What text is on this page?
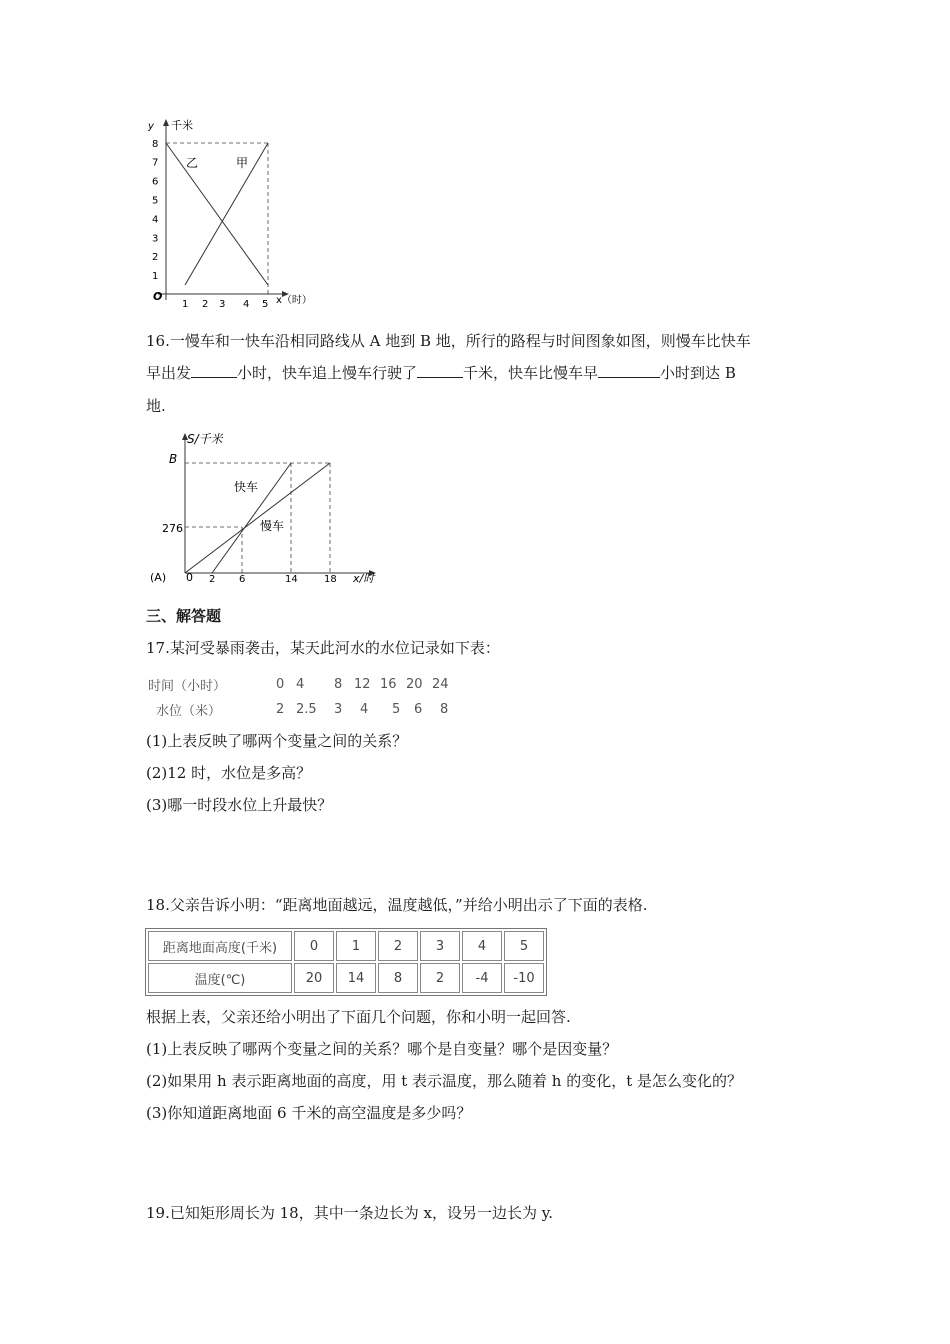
y 千米
x（时）
O
1
2
3
4
5
6
7
8
1 2 3 4 5
乙	甲
16.一慢车和一快车沿相同路线从 A 地到 B 地，所行的路程与时间图象如图，则慢车比快车
早出发	小时，快车追上慢车行驶了	千米，快车比慢车早	小时到达 B
地.
S/千米
x/时
B
276
(A) 0 2 6	14	18
快车
慢车
三、解答题
17.某河受暴雨袭击，某天此河水的水位记录如下表：
时间（小时）	0	4	8	12	16	20	24
水位（米）	2	2.5	3	4	5	6	8
(1)上表反映了哪两个变量之间的关系？
(2)12 时，水位是多高？
(3)哪一时段水位上升最快？
18.父亲告诉小明：“距离地面越远，温度越低，”并给小明出示了下面的表格.
距离地面高度(千米)	0	1	2	3	4	5
温度(℃)	20	14	8	2	-4	-10
根据上表，父亲还给小明出了下面几个问题，你和小明一起回答.
(1)上表反映了哪两个变量之间的关系？哪个是自变量？哪个是因变量？
(2)如果用 h 表示距离地面的高度，用 t 表示温度，那么随着 h 的变化，t 是怎么变化的？
(3)你知道距离地面 6 千米的高空温度是多少吗？
19.已知矩形周长为 18，其中一条边长为 x，设另一边长为 y.
